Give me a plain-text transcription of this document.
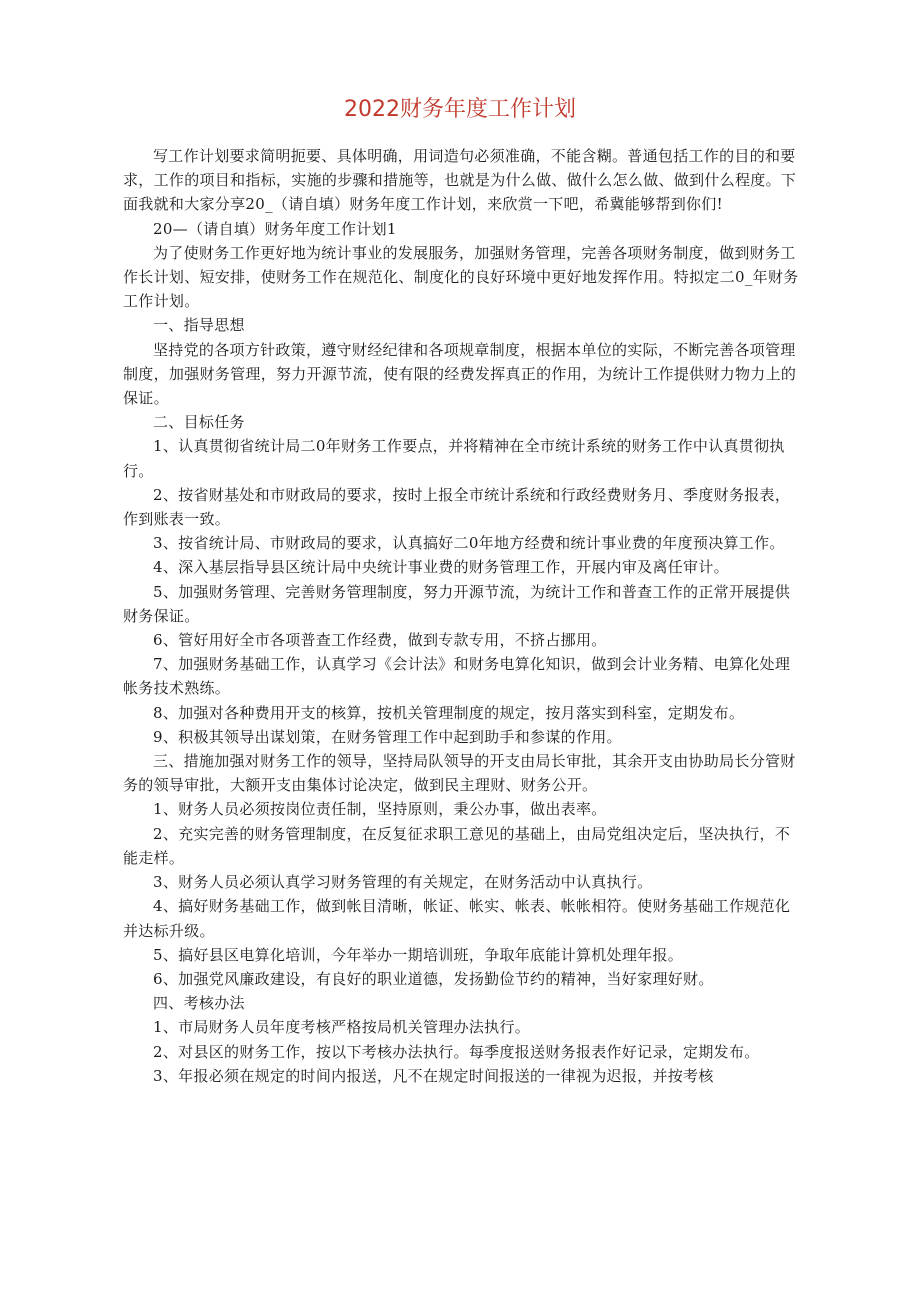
2022财务年度工作计划

写工作计划要求简明扼要、具体明确，用词造句必须准确，不能含糊。普通包括工作的目的和要求，工作的项目和指标，实施的步骤和措施等，也就是为什么做、做什么怎么做、做到什么程度。下面我就和大家分享20_（请自填）财务年度工作计划，来欣赏一下吧，希冀能够帮到你们!

20—（请自填）财务年度工作计划1

为了使财务工作更好地为统计事业的发展服务，加强财务管理，完善各项财务制度，做到财务工作长计划、短安排，使财务工作在规范化、制度化的良好环境中更好地发挥作用。特拟定二0_年财务工作计划。

一、指导思想

坚持党的各项方针政策，遵守财经纪律和各项规章制度，根据本单位的实际，不断完善各项管理制度，加强财务管理，努力开源节流，使有限的经费发挥真正的作用，为统计工作提供财力物力上的保证。

二、目标任务

1、认真贯彻省统计局二0年财务工作要点，并将精神在全市统计系统的财务工作中认真贯彻执行。

2、按省财基处和市财政局的要求，按时上报全市统计系统和行政经费财务月、季度财务报表，作到账表一致。

3、按省统计局、市财政局的要求，认真搞好二0年地方经费和统计事业费的年度预决算工作。

4、深入基层指导县区统计局中央统计事业费的财务管理工作，开展内审及离任审计。

5、加强财务管理、完善财务管理制度，努力开源节流，为统计工作和普查工作的正常开展提供财务保证。

6、管好用好全市各项普查工作经费，做到专款专用，不挤占挪用。

7、加强财务基础工作，认真学习《会计法》和财务电算化知识，做到会计业务精、电算化处理帐务技术熟练。

8、加强对各种费用开支的核算，按机关管理制度的规定，按月落实到科室，定期发布。

9、积极其领导出谋划策，在财务管理工作中起到助手和参谋的作用。

三、措施加强对财务工作的领导，坚持局队领导的开支由局长审批，其余开支由协助局长分管财务的领导审批，大额开支由集体讨论决定，做到民主理财、财务公开。

1、财务人员必须按岗位责任制，坚持原则，秉公办事，做出表率。

2、充实完善的财务管理制度，在反复征求职工意见的基础上，由局党组决定后，坚决执行，不能走样。

3、财务人员必须认真学习财务管理的有关规定，在财务活动中认真执行。

4、搞好财务基础工作，做到帐目清晰，帐证、帐实、帐表、帐帐相符。使财务基础工作规范化并达标升级。

5、搞好县区电算化培训，今年举办一期培训班，争取年底能计算机处理年报。

6、加强党风廉政建设，有良好的职业道德，发扬勤俭节约的精神，当好家理好财。

四、考核办法

1、市局财务人员年度考核严格按局机关管理办法执行。

2、对县区的财务工作，按以下考核办法执行。每季度报送财务报表作好记录，定期发布。

3、年报必须在规定的时间内报送，凡不在规定时间报送的一律视为迟报，并按考核
